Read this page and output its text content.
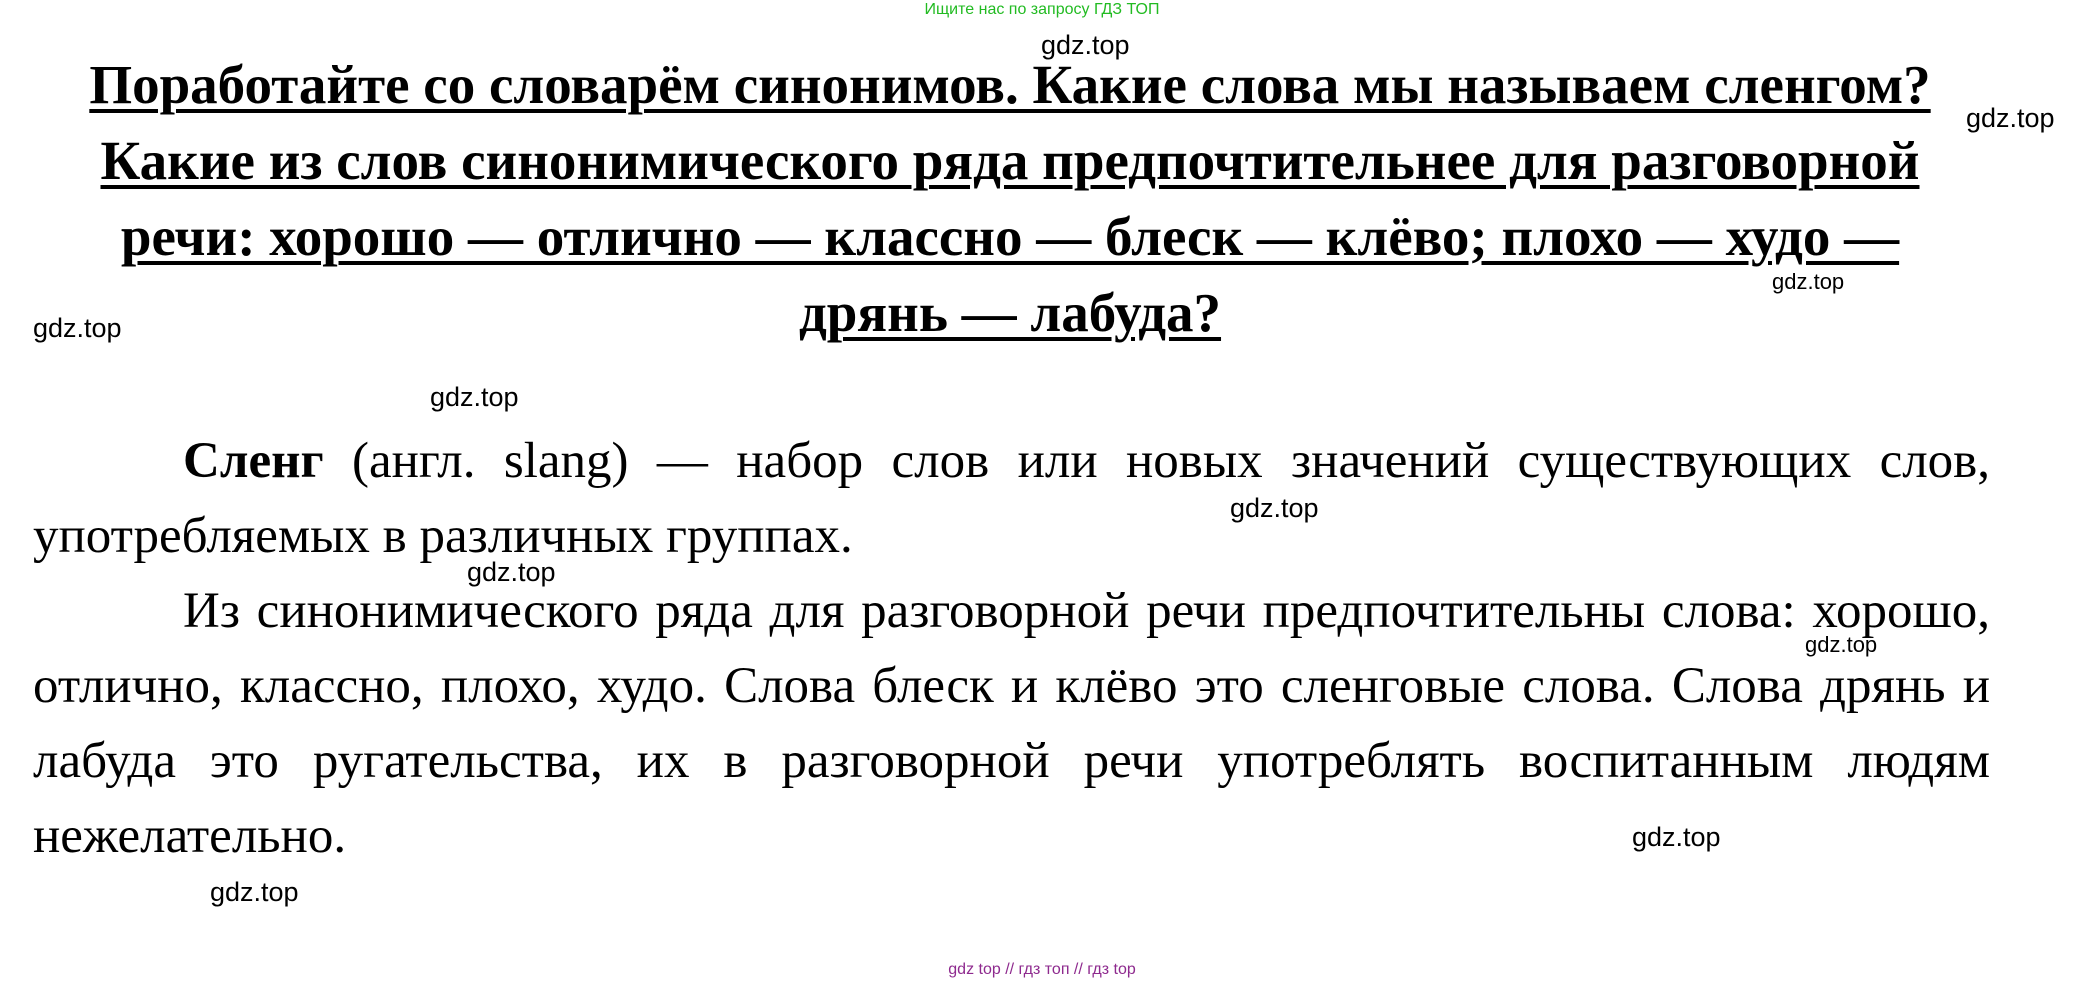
Ищите нас по запросу ГДЗ ТОП

Поработайте со словарём синонимов. Какие слова мы называем сленгом? Какие из слов синонимического ряда предпочтительнее для разговорной речи: хорошо — отлично — классно — блеск — клёво; плохо — худо — дрянь — лабуда?

Сленг (англ. slang) — набор слов или новых значений существующих слов, употребляемых в различных группах.

Из синонимического ряда для разговорной речи предпочтительны слова: хорошо, отлично, классно, плохо, худо. Слова блеск и клёво это сленговые слова. Слова дрянь и лабуда это ругательства, их в разговорной речи употреблять воспитанным людям нежелательно.

gdz.top
gdz.top
gdz.top
gdz.top
gdz.top
gdz.top
gdz.top
gdz.top
gdz.top
gdz.top
gdz top // гдз топ // гдз top
